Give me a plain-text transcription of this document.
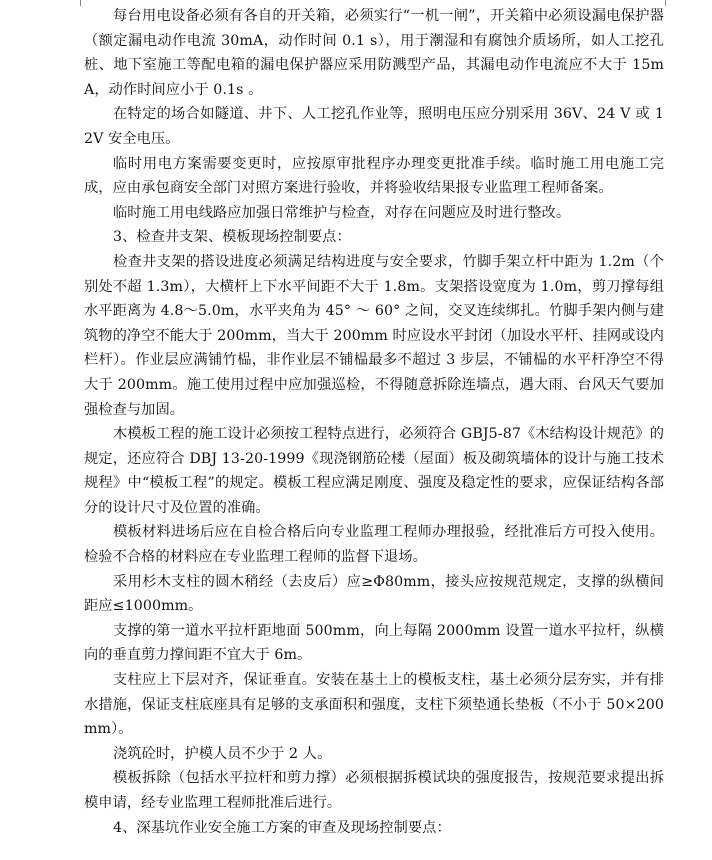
每台用电设备必须有各自的开关箱，必须实行“一机一闸”，开关箱中必须设漏电保护器（额定漏电动作电流 30mA，动作时间 0.1 s），用于潮湿和有腐蚀介质场所，如人工挖孔桩、地下室施工等配电箱的漏电保护器应采用防溅型产品，其漏电动作电流应不大于 15mA，动作时间应小于 0.1s 。

在特定的场合如隧道、井下、人工挖孔作业等，照明电压应分别采用 36V、24 V 或 12V 安全电压。

临时用电方案需要变更时，应按原审批程序办理变更批准手续。临时施工用电施工完成，应由承包商安全部门对照方案进行验收，并将验收结果报专业监理工程师备案。

临时施工用电线路应加强日常维护与检查，对存在问题应及时进行整改。

3、检查井支架、模板现场控制要点：

检查井支架的搭设进度必须满足结构进度与安全要求，竹脚手架立杆中距为 1.2m（个别处不超 1.3m），大横杆上下水平间距不大于 1.8m。支架搭设宽度为 1.0m，剪刀撑每组水平距离为 4.8～5.0m，水平夹角为 45° ～ 60° 之间，交叉连续绑扎。竹脚手架内侧与建筑物的净空不能大于 200mm，当大于 200mm 时应设水平封闭（加设水平杆、挂网或设内栏杆）。作业层应满铺竹榀，非作业层不铺榀最多不超过 3 步层，不铺榀的水平杆净空不得大于 200mm。施工使用过程中应加强巡检，不得随意拆除连墙点，遇大雨、台风天气要加强检查与加固。

木模板工程的施工设计必须按工程特点进行，必须符合 GBJ5-87《木结构设计规范》的规定，还应符合 DBJ 13-20-1999《现浇钢筋砼楼（屋面）板及砌筑墙体的设计与施工技术规程》中“模板工程”的规定。模板工程应满足刚度、强度及稳定性的要求，应保证结构各部分的设计尺寸及位置的准确。

模板材料进场后应在自检合格后向专业监理工程师办理报验，经批准后方可投入使用。检验不合格的材料应在专业监理工程师的监督下退场。

采用杉木支柱的圆木稍经（去皮后）应≥Φ80mm，接头应按规范规定，支撑的纵横间距应≤1000mm。

支撑的第一道水平拉杆距地面 500mm，向上每隔 2000mm 设置一道水平拉杆，纵横向的垂直剪力撑间距不宜大于 6m。

支柱应上下层对齐，保证垂直。安装在基土上的模板支柱，基土必须分层夯实，并有排水措施，保证支柱底座具有足够的支承面积和强度，支柱下须垫通长垫板（不小于 50×200mm）。

浇筑砼时，护模人员不少于 2 人。

模板拆除（包括水平拉杆和剪力撑）必须根据拆模试块的强度报告，按规范要求提出拆模申请，经专业监理工程师批准后进行。

4、深基坑作业安全施工方案的审查及现场控制要点：
